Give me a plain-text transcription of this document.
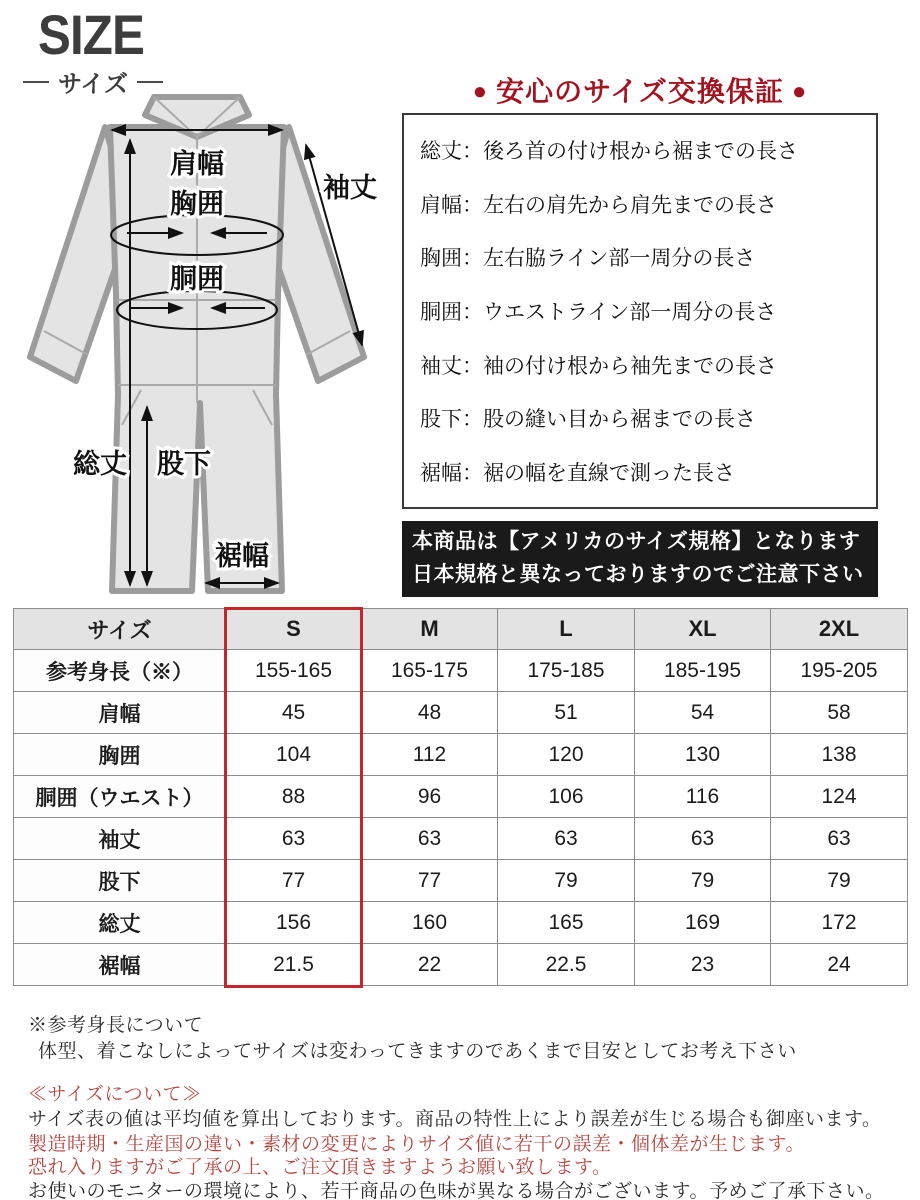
SIZE
サイズ	● 安心のサイズ交換保証 ●
総丈：後ろ首の付け根から裾までの長さ
肩幅：左右の肩先から肩先までの長さ
胸囲：左右脇ライン部一周分の長さ
胴囲：ウエストライン部一周分の長さ
袖丈：袖の付け根から袖先までの長さ
股下：股の縫い目から裾までの長さ
裾幅：裾の幅を直線で測った長さ
本商品は【アメリカのサイズ規格】となります
日本規格と異なっておりますのでご注意下さい
肩幅
袖丈
胸囲
胴囲
総丈 股下
裾幅
サイズ	S	M	L	XL	2XL
参考身長（※）	155-165	165-175	175-185	185-195	195-205
肩幅	45	48	51	54	58
胸囲	104	112	120	130	138
胴囲（ウエスト）	88	96	106	116	124
袖丈	63	63	63	63	63
股下	77	77	79	79	79
総丈	156	160	165	169	172
裾幅	21.5	22	22.5	23	24
※参考身長について
体型、着こなしによってサイズは変わってきますのであくまで目安としてお考え下さい
≪サイズについて≫
サイズ表の値は平均値を算出しております。商品の特性上により誤差が生じる場合も御座います。
製造時期・生産国の違い・素材の変更によりサイズ値に若干の誤差・個体差が生じます。
恐れ入りますがご了承の上、ご注文頂きますようお願い致します。
お使いのモニターの環境により、若干商品の色味が異なる場合がございます。予めご了承下さい。
